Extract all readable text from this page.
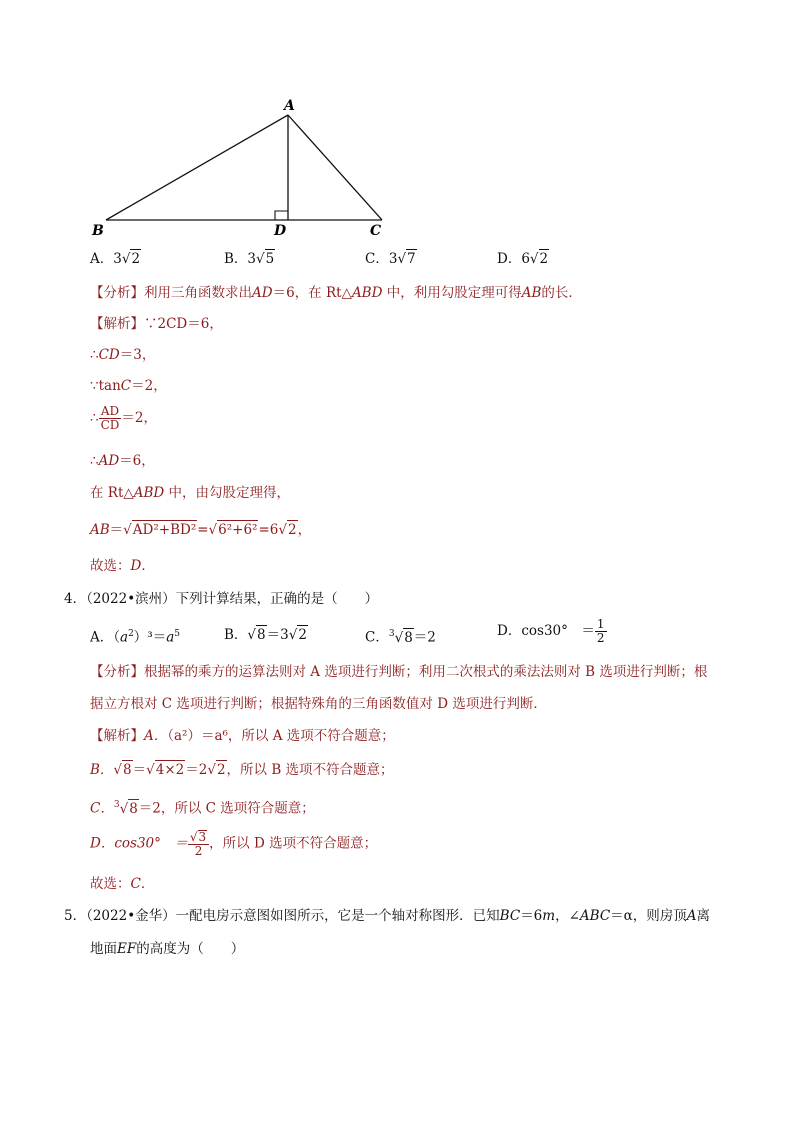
A
B	D	C
A．3√2	B．3√5	C．3√7	D．6√2
【分析】利用三角函数求出AD＝6，在 Rt△ABD 中，利用勾股定理可得AB的长．
【解析】∵2CD＝6，
∴CD＝3，
∵tanC＝2，
∴ $\frac{AD}{CD} =2$，
∴AD＝6，
在 Rt△ABD 中，由勾股定理得，
AB＝√AD²+BD²=√6²+6²=6√2，
故选：D．
4．（2022•滨州）下列计算结果，正确的是（　　）
A．$(a^2)^3=a^5$	B．√8＝3√2	C．$^3$√8＝2	D．cos30°　＝ $\frac{1}{2}$
【分析】根据幂的乘方的运算法则对 A 选项进行判断；利用二次根式的乘法法则对 B 选项进行判断；根
据立方根对 C 选项进行判断；根据特殊角的三角函数值对 D 选项进行判断．
【解析】A．（a²）＝a⁶，所以 A 选项不符合题意；
B．√8＝√4×2＝2√2，所以 B 选项不符合题意；
C．$^3$√8＝2，所以 C 选项符合题意；
D．cos30°　＝ $\frac{√3}{2}$ ，所以 D 选项不符合题意；
故选：C．
5．（2022•金华）一配电房示意图如图所示，它是一个轴对称图形．已知BC＝6m，∠ABC＝α，则房顶A离
地面EF的高度为（　　）
